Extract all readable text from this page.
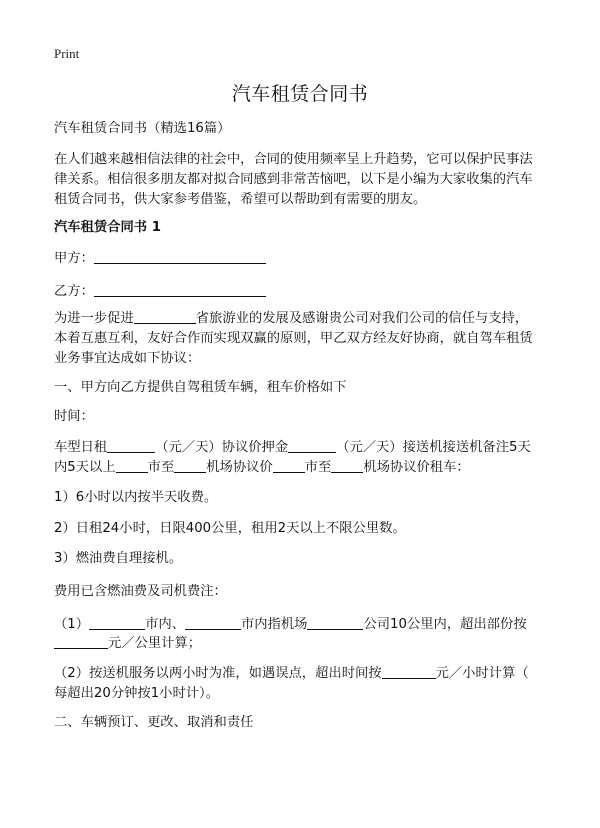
Print
汽车租赁合同书

汽车租赁合同书（精选16篇）

在人们越来越相信法律的社会中，合同的使用频率呈上升趋势，它可以保护民事法

律关系。相信很多朋友都对拟合同感到非常苦恼吧，以下是小编为大家收集的汽车

租赁合同书，供大家参考借鉴，希望可以帮助到有需要的朋友。

汽车租赁合同书 1

甲方：

乙方：

为进一步促进	省旅游业的发展及感谢贵公司对我们公司的信任与支持，

本着互惠互利，友好合作而实现双赢的原则，甲乙双方经友好协商，就自驾车租赁

业务事宜达成如下协议：

一、甲方向乙方提供自驾租赁车辆，租车价格如下

时间：

车型日租	（元／天）协议价押金	（元／天）接送机接送机备注5天

内5天以上 市至 机场协议价 市至 机场协议价租车：

1）6小时以内按半天收费。

2）日租24小时，日限400公里，租用2天以上不限公里数。

3）燃油费自理接机。

费用已含燃油费及司机费注：

（1）	市内、	市内指机场	公司10公里内，超出部份按

元／公里计算；

（2）按送机服务以两小时为准，如遇误点，超出时间按	元／小时计算（

每超出20分钟按1小时计）。

二、车辆预订、更改、取消和责任
